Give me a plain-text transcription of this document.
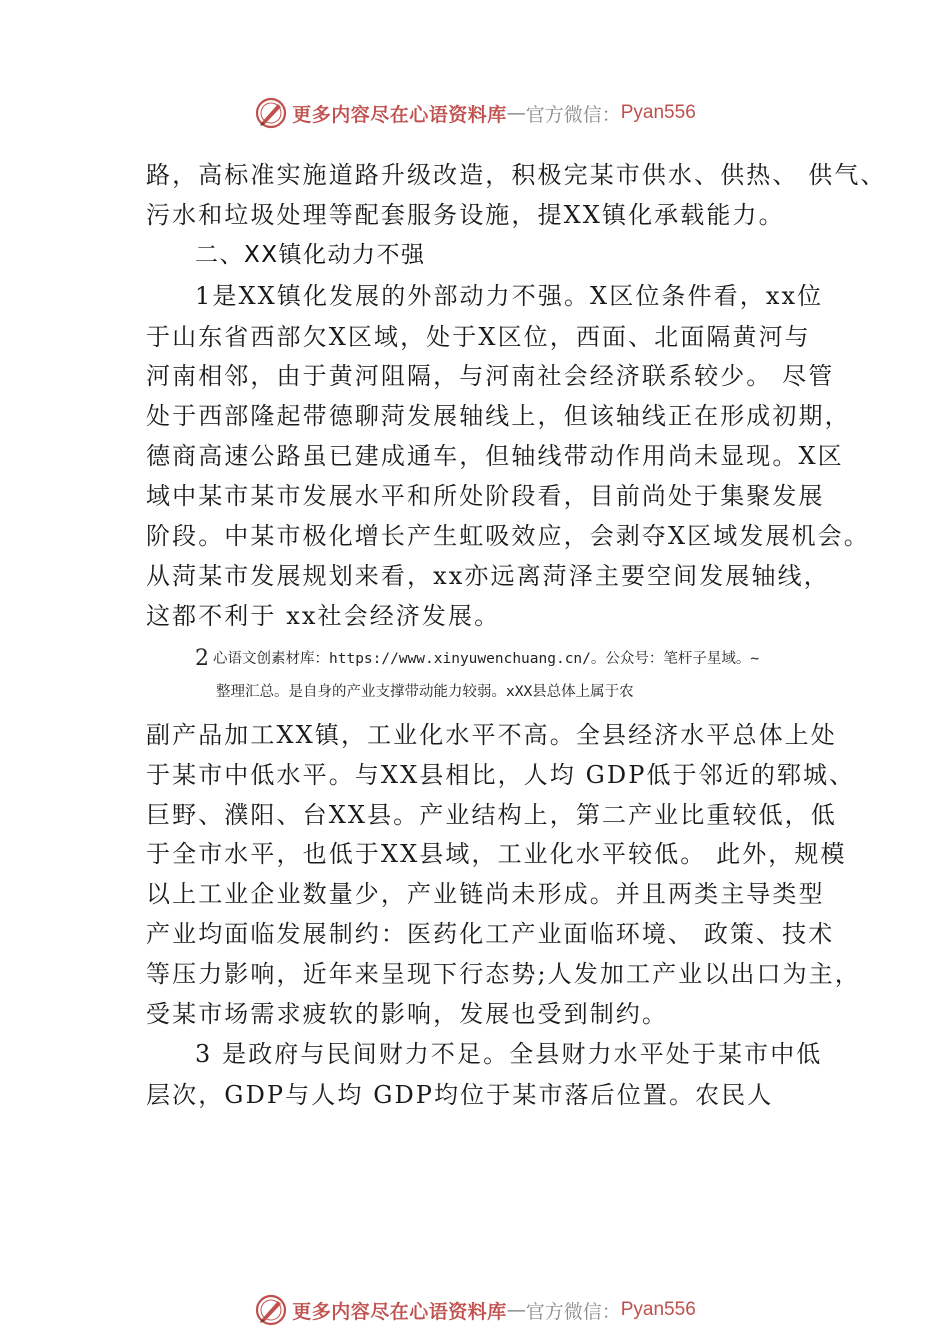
更多内容尽在心语资料库 — 官方微信： Pyan556
路，高标准实施道路升级改造，积极完某市供水、供热、 供气、
污水和垃圾处理等配套服务设施，提XX镇化承载能力。
二、XX镇化动力不强
1是XX镇化发展的外部动力不强。X区位条件看，xx位
于山东省西部欠X区域，处于X区位，西面、北面隔黄河与
河南相邻，由于黄河阻隔，与河南社会经济联系较少。 尽管
处于西部隆起带德聊菏发展轴线上，但该轴线正在形成初期，
德商高速公路虽已建成通车，但轴线带动作用尚未显现。X区
域中某市某市发展水平和所处阶段看，目前尚处于集聚发展
阶段。中某市极化增长产生虹吸效应，会剥夺X区域发展机会。
从菏某市发展规划来看，xx亦远离菏泽主要空间发展轴线，
这都不利于 xx社会经济发展。
2 心语文创素材库：https://www.xinyuwenchuang.cn/。公众号：笔杆子星域。~
整理汇总。是自身的产业支撑带动能力较弱。xXX县总体上属于农
副产品加工XX镇，工业化水平不高。全县经济水平总体上处
于某市中低水平。与XX县相比，人均 GDP低于邻近的郓城、
巨野、濮阳、台XX县。产业结构上，第二产业比重较低，低
于全市水平，也低于XX县域，工业化水平较低。 此外，规模
以上工业企业数量少，产业链尚未形成。并且两类主导类型
产业均面临发展制约：医药化工产业面临环境、 政策、技术
等压力影响，近年来呈现下行态势;人发加工产业以出口为主，
受某市场需求疲软的影响，发展也受到制约。
3 是政府与民间财力不足。全县财力水平处于某市中低
层次，GDP与人均 GDP均位于某市落后位置。农民人
更多内容尽在心语资料库 — 官方微信： Pyan556
